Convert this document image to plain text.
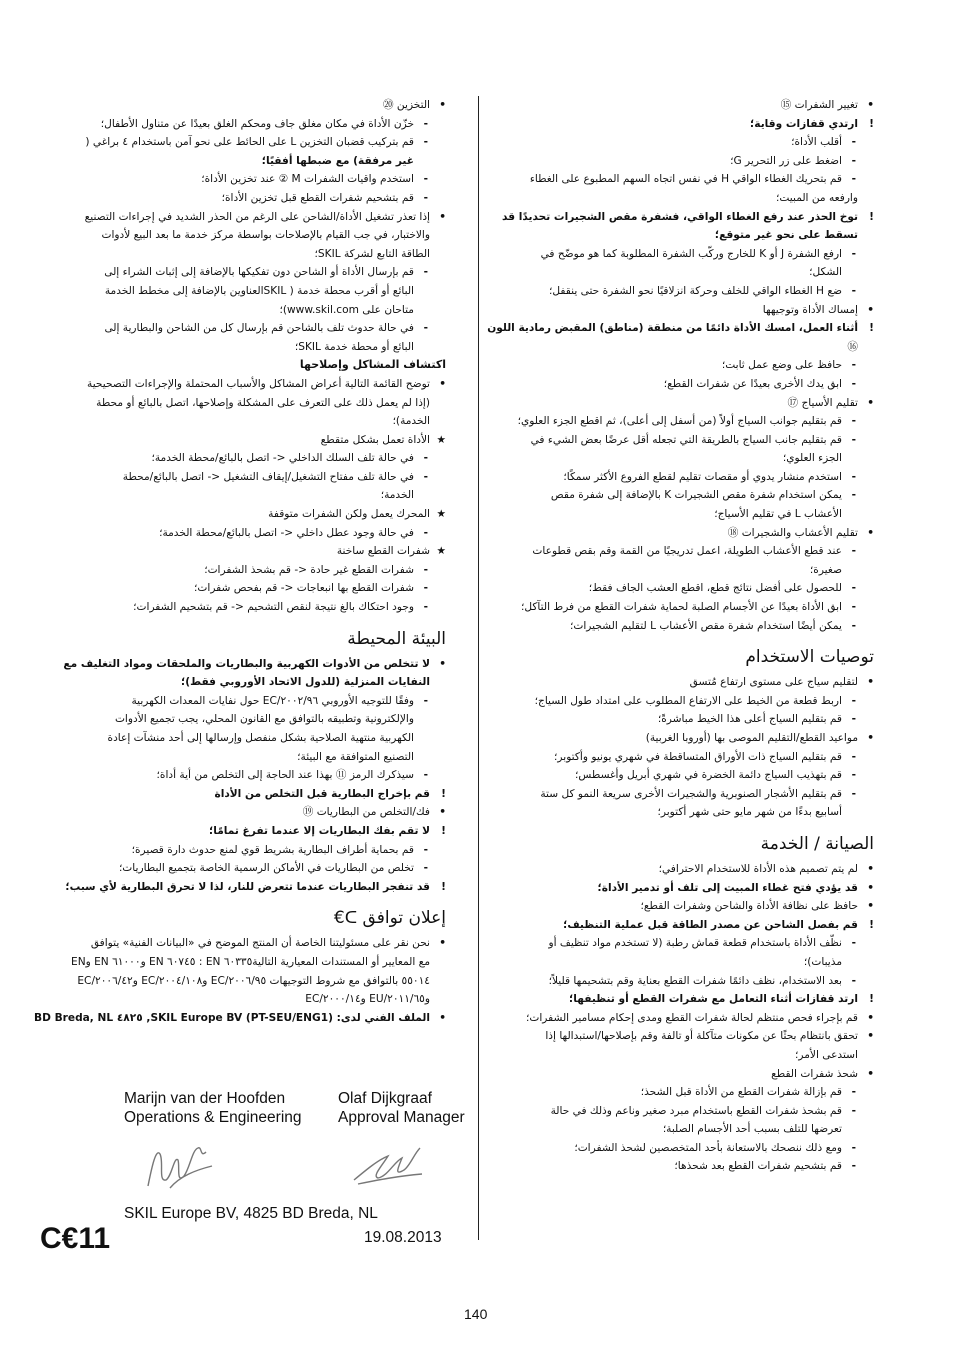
•
تغيير الشفرات ⑮
!
ارتدي قفازات وقاية؛
-
أقلب الأداة؛
-
اضغط على زر التحرير G؛
-
قم بتحريك الغطاء الواقي H في نفس اتجاه السهم المطبوع على الغطاء
وارفعه من المبيت؛
!
توخ الحذر عند رفع الغطاء الواقي، فشفرة مقص الشجيرات تحديدًا قد
تسقط على نحو غير متوقع؛
-
ارفع الشفرة J أو K للخارج وركّب الشفرة المطلوبة كما هو موضّح في
الشكل؛
-
ضع H الغطاء الواقي للخلف وحركة انزلاقيًا نحو الشفرة حتى ينقفل؛
•
إمساك الأداة وتوجيهها
!
أثناء العمل، امسك الأداة دائمًا من منطقة (مناطق) المقبض رمادية اللون
⑯
-
حافظ على وضع عمل ثابت؛
-
ابق يدك الأخرى بعيدًا عن شفرات القطع؛
•
تقليم الأسياج ⑰
-
قم بتقليم جوانب السياج أولاً (من أسفل إلى أعلى)، ثم اقطع الجزء العلوي؛
-
قم بتقليم جانب السياج بالطريقة التي تجعله أقل عرضًا بعض الشيء في
الجزء العلوي؛
-
استخدم منشار يدوي أو مقصات تقليم لقطع الفروع الأكثر سمكًا؛
-
يمكن استخدام شفرة مقص الشجيرات K بالإضافة إلى شفرة مقص
الأعشاب L في تقليم الأسياج؛
•
تقليم الأعشاب والشجيرات ⑱
-
عند قطع الأعشاب الطويلة، اعمل تدريجيًا من القمة وقم بقص قطوعات
صغيرة؛
-
للحصول على أفضل نتائج قطع، اقطع العشب الجاف فقط؛
-
ابق الأداة بعيدًا عن الأجسام الصلبة لحماية شفرات القطع من فرط التآكل؛
-
يمكن أيضًا استخدام شفرة مقص الأعشاب L لتقليم الشجيرات؛
توصيات الاستخدام
•
لتقليم سياج على مستوى ارتفاع مُتسق
-
اربط قطعة من الخيط على الارتفاع المطلوب على امتداد طول السياج؛
-
قم بتقليم السياج أعلى هذا الخيط مباشرةً؛
•
مواعيد القطع/التقليم الموصى بها (أوروبا الغربية)
-
قم بتقليم السياج ذات الأوراق المتساقطة في شهري يونيو وأكتوبر؛
-
قم بتهذيب السياج دائمة الخضرة في شهري أبريل وأغسطس؛
-
قم بتقليم الأشجار الصنوبرية والشجيرات الأخرى سريعة النمو كل ستة
أسابيع بدءًا من شهر مايو حتى شهر أكتوبر؛
الصيانة / الخدمة
•
لم يتم تصميم هذه الأداة للاستخدام الاحترافي؛
•
قد يؤدي فتح غطاء المبيت إلى تلف أو تدمير الأداة؛
•
حافظ على نظافة الأداة والشاحن وشفرات القطع؛
!
قم بفصل الشاحن عن مصدر الطاقة قبل عملية التنظيف؛
-
نظّف الأداة باستخدام قطعة قماش رطبة (لا تستخدم مواد تنظيف أو
مذيبات)؛
-
بعد الاستخدام، نظف دائمًا شفرات القطع بعناية وقم بتشحيمها قليلاً؛
!
ارتد قفازات أثناء التعامل مع شفرات القطع أو تنظيفها؛
•
قم بإجراء فحص منتظم لحالة شفرات القطع ومدى إحكام مسامير الشفرات؛
•
تحقق بانتظام بحثًا عن مكونات متآكلة أو تالفة وقم بإصلاحها/استبدالها إذا
استدعى الأمر؛
•
شحذ شفرات القطع
-
قم بإزالة شفرات القطع من الأداة قبل الشحذ؛
-
قم بشحذ شفرات القطع باستخدام مبرد صغير وناعم وذلك في حالة
تعرضها للتلف بسبب أحد الأجسام الصلبة؛
-
ومع ذلك ننصحك بالاستعانة بأحد المتخصصين لشحذ الشفرات؛
-
قم بتشحيم شفرات القطع بعد شحذها؛
•
التخزين ⑳
-
خزّن الأداة في مكان مغلق جاف ومحكم الغلق بعيدًا عن متناول الأطفال؛
-
قم بتركيب قضبان التخزين L على الحائط على نحو آمن باستخدام ٤ براغي (
غير مرفقة) مع ضبطها أفقيًا؛
-
استخدم واقيات الشفرات M ② عند تخزين الأداة؛
-
قم بتشحيم شفرات القطع قبل تخزين الأداة؛
•
إذا تعذر تشغيل الأداة/الشاحن على الرغم من الحذر الشديد في إجراءات التصنيع
والاختبار، في جب القيام بالإصلاحات بواسطة مركز خدمة ما بعد البيع لأدوات
الطاقة التابع لشركة SKIL؛
-
قم بإرسال الأداة أو الشاحن دون تفكيكها بالإضافة إلى إثبات الشراء إلى
البائع أو أقرب محطة خدمة ( SKILالعناوين بالإضافة إلى مخطط الخدمة
متاحان على www.skil.com)؛
-
في حالة حدوث تلف بالشاحن قم بإرسال كل من الشاحن والبطارية إلى
البائع أو محطة خدمة SKIL؛
اكتشاف المشاكل وإصلاحها
•
توضح القائمة التالية أعراض المشاكل والأسباب المحتملة والإجراءات التصحيحية
(إذا لم يعمل ذلك على التعرف على المشكلة وإصلاحها، اتصل بالبائع أو محطة
الخدمة)؛
★
الأداة تعمل بشكل متقطع
-
في حالة تلف السلك الداخلي <- اتصل بالبائع/محطة الخدمة؛
-
في حالة تلف مفتاح التشغيل/إيقاف التشغيل <- اتصل بالبائع/محطة
الخدمة؛
★
المحرك يعمل ولكن الشفرات متوقفة
-
في حالة وجود عطل داخلي <- اتصل بالبائع/محطة الخدمة؛
★
شفرات القطع ساخنة
-
شفرات القطع غير حادة <- قم بشحذ الشفرات؛
-
شفرات القطع بها انبعاجات <- قم بفحص شفرات؛
-
وجود احتكاك بالغ نتيجة لنقص التشحيم <- قم بتشحيم الشفرات؛
البيئة المحيطة
•
لا تتخلص من الأدوات الكهربية والبطاريات والملحقات ومواد التغليف مع
النفايات المنزلية (للدول الاتحاد الأوروبي فقط)؛
-
وفقًا للتوجيه الأوروبي ٢٠٠٢/٩٦/EC حول نفايات المعدات الكهربية
والإلكترونية وتطبيقه بالتوافق مع القانون المحلي، يجب تجميع الأدوات
الكهربية منتهية الصلاحية بشكل منفصل وإرسالها إلى أحد منشآت إعادة
التصنيع المتوافقة مع البيئة؛
-
سيذكرك الرمز ⑪ بهذا عند الحاجة إلى التخلص من أية أداة؛
!
قم بإخراج البطارية قبل التخلص من الأداة
•
فك/التخلص من البطاريات ⑲
!
لا تقم بفك البطاريات إلا عندما تفرغ تمامًا؛
-
قم بحماية أطراف البطارية بشريط قوي لمنع حدوث دارة قصيرة؛
-
تخلص من البطاريات في الأماكن الرسمية الخاصة بتجميع البطاريات؛
!
قد تنفجر البطاريات عندما تتعرض للنار، لذا لا تحرق البطارية لأي سبب؛
إعلان توافق ᑕ€
•
نحن نقر على مسئوليتنا الخاصة أن المنتج الموضح في «البيانات الفنية» يتوافق
مع المعايير أو المستندات المعيارية التالية٦٠٣٣٥ EN : ٦٠٧٤٥ EN و٦١٠٠٠ EN وEN
٥٥٠١٤ بالتوافق مع شروط التوجيهات ٢٠٠٦/٩٥/EC و٢٠٠٤/١٠٨/EC و٢٠٠٦/٤٢/EC
و٢٠١١/٦٥/EU و٢٠٠٠/١٤/EC
•
الملف الفني لدى: SKIL Europe BV (PT-SEU/ENG1), ٤٨٢٥ BD Breda, NL
Marijn van der Hoofden
Operations & Engineering
Olaf Dijkgraaf
Approval Manager
SKIL Europe BV, 4825 BD Breda, NL
19.08.2013
C€11
140
